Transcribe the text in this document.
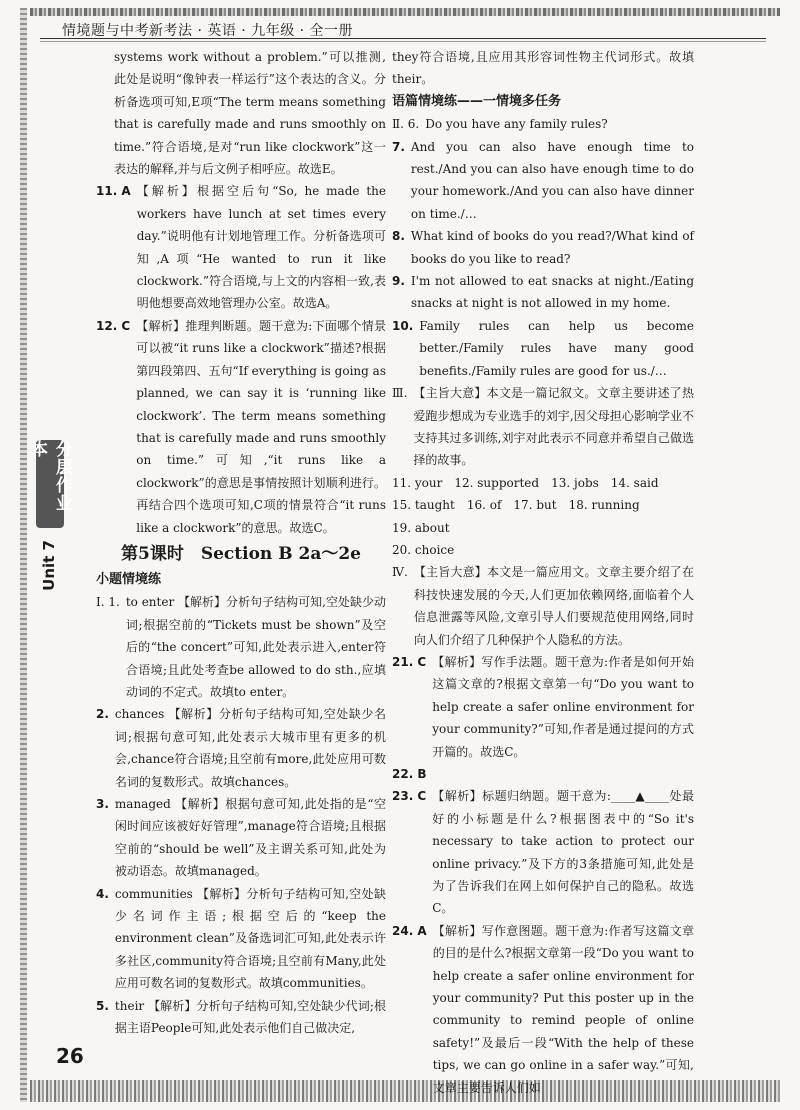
情境题与中考新考法 · 英语 · 九年级 · 全一册
分层作业本
Unit 7

systems work without a problem.”可以推测,此处是说明“像钟表一样运行”这个表达的含义。分析备选项可知,E项“The term means something that is carefully made and runs smoothly on time.”符合语境,是对“run like clockwork”这一表达的解释,并与后文例子相呼应。故选E。

11. A 【解析】根据空后句“So, he made the workers have lunch at set times every day.”说明他有计划地管理工作。分析备选项可知,A项“He wanted to run it like clockwork.”符合语境,与上文的内容相一致,表明他想要高效地管理办公室。故选A。
12. C 【解析】推理判断题。题干意为:下面哪个情景可以被“it runs like a clockwork”描述?根据第四段第四、五句“If everything is going as planned, we can say it is ‘running like clockwork’. The term means something that is carefully made and runs smoothly on time.”可知,“it runs like a clockwork”的意思是事情按照计划顺利进行。再结合四个选项可知,C项的情景符合“it runs like a clockwork”的意思。故选C。

第5课时　Section B 2a～2e

小题情境练

Ⅰ. 1. to enter 【解析】分析句子结构可知,空处缺少动词;根据空前的“Tickets must be shown”及空后的“the concert”可知,此处表示进入,enter符合语境;且此处考查be allowed to do sth.,应填动词的不定式。故填to enter。
2. chances 【解析】分析句子结构可知,空处缺少名词;根据句意可知,此处表示大城市里有更多的机会,chance符合语境;且空前有more,此处应用可数名词的复数形式。故填chances。
3. managed 【解析】根据句意可知,此处指的是“空闲时间应该被好好管理”,manage符合语境;且根据空前的“should be well”及主谓关系可知,此处为被动语态。故填managed。
4. communities 【解析】分析句子结构可知,空处缺少名词作主语;根据空后的“keep the environment clean”及备选词汇可知,此处表示许多社区,community符合语境;且空前有Many,此处应用可数名词的复数形式。故填communities。
5. their 【解析】分析句子结构可知,空处缺少代词;根据主语People可知,此处表示他们自己做决定,

they符合语境,且应用其形容词性物主代词形式。故填their。

语篇情境练——一情境多任务

Ⅱ. 6. Do you have any family rules?
7. And you can also have enough time to rest./And you can also have enough time to do your homework./And you can also have dinner on time./…
8. What kind of books do you read?/What kind of books do you like to read?
9. I'm not allowed to eat snacks at night./Eating snacks at night is not allowed in my home.
10. Family rules can help us become better./Family rules have many good benefits./Family rules are good for us./…
Ⅲ. 【主旨大意】本文是一篇记叙文。文章主要讲述了热爱跑步想成为专业选手的刘宇,因父母担心影响学业不支持其过多训练,刘宇对此表示不同意并希望自己做选择的故事。
11. your 12. supported 13. jobs 14. said
15. taught 16. of 17. but 18. running
19. about
20. choice
Ⅳ. 【主旨大意】本文是一篇应用文。文章主要介绍了在科技快速发展的今天,人们更加依赖网络,面临着个人信息泄露等风险,文章引导人们要规范使用网络,同时向人们介绍了几种保护个人隐私的方法。
21. C 【解析】写作手法题。题干意为:作者是如何开始这篇文章的?根据文章第一句“Do you want to help create a safer online environment for your community?”可知,作者是通过提问的方式开篇的。故选C。
22. B
23. C 【解析】标题归纳题。题干意为:____▲____处最好的小标题是什么?根据图表中的“So it's necessary to take action to protect our online privacy.”及下方的3条措施可知,此处是为了告诉我们在网上如何保护自己的隐私。故选C。
24. A 【解析】写作意图题。题干意为:作者写这篇文章的目的是什么?根据文章第一段“Do you want to help create a safer online environment for your community? Put this poster up in the community to remind people of online safety!”及最后一段“With the help of these tips, we can go online in a safer way.”可知,文章主要告诉人们如
26
